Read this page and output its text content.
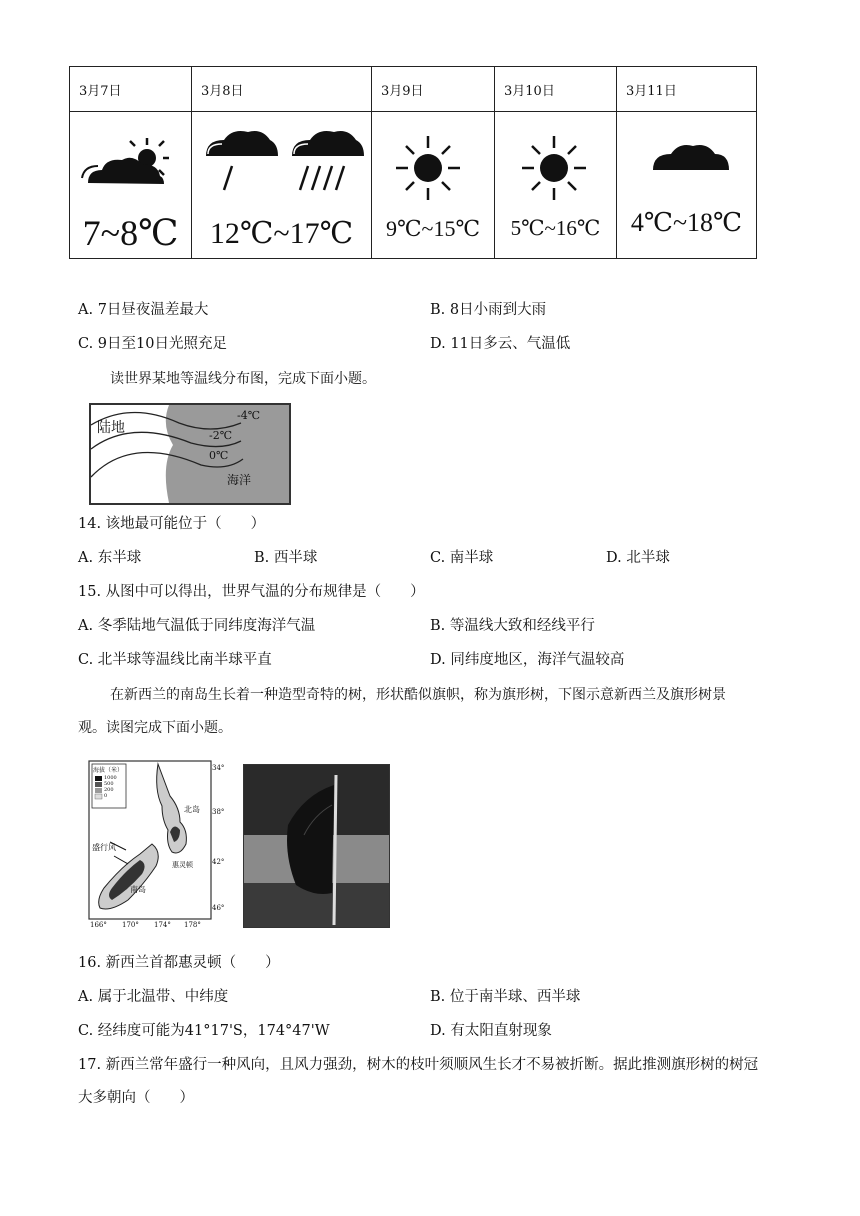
3月7日	3月8日	3月9日	3月10日	3月11日

7~8℃	12℃~17℃	9℃~15℃	5℃~16℃	4℃~18℃
A. 7日昼夜温差最大	B. 8日小雨到大雨
C. 9日至10日光照充足	D. 11日多云、气温低
读世界某地等温线分布图，完成下面小题。
陆地
海洋
-4℃
-2℃
0℃
14. 该地最可能位于（　　）
A. 东半球	B. 西半球	C. 南半球	D. 北半球
15. 从图中可以得出，世界气温的分布规律是（　　）
A. 冬季陆地气温低于同纬度海洋气温	B. 等温线大致和经线平行
C. 北半球等温线比南半球平直	D. 同纬度地区，海洋气温较高
在新西兰的南岛生长着一种造型奇特的树，形状酷似旗帜，称为旗形树，下图示意新西兰及旗形树景
观。读图完成下面小题。
海拔（米）
1000
500
200
0
北岛
南岛
惠灵顿
盛行风
34°
38°
42°
46°
166° 170° 174° 178°
16. 新西兰首都惠灵顿（　　）
A. 属于北温带、中纬度	B. 位于南半球、西半球
C. 经纬度可能为41°17'S，174°47'W	D. 有太阳直射现象
17. 新西兰常年盛行一种风向，且风力强劲，树木的枝叶须顺风生长才不易被折断。据此推测旗形树的树冠
大多朝向（　　）
